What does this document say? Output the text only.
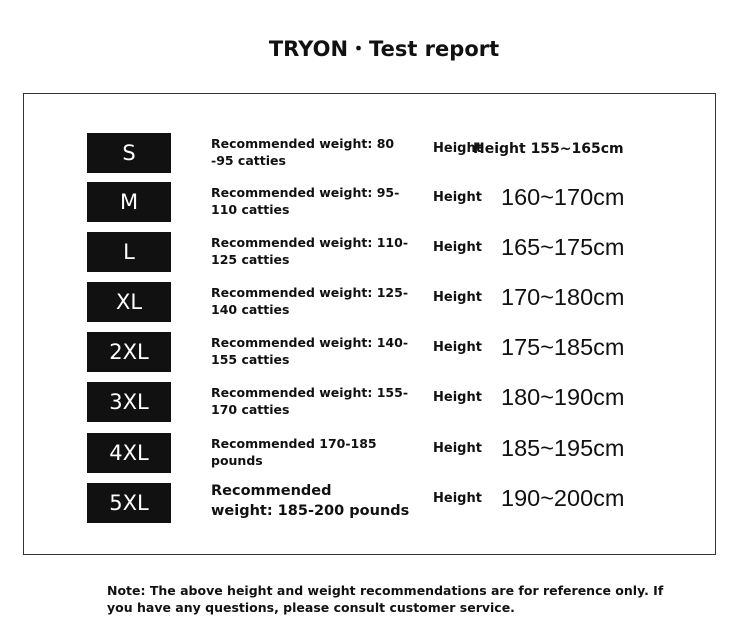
TRYON・Test report
S	Recommended weight: 80
-95 catties
Height
Height 155~165cm
M	Recommended weight: 95-
110 catties
Height 160~170cm
L	Recommended weight: 110-
125 catties
Height 165~175cm
XL	Recommended weight: 125-
140 catties
Height 170~180cm
2XL	Recommended weight: 140-
155 catties
Height 175~185cm
3XL	Recommended weight: 155-
170 catties
Height 180~190cm
4XL	Recommended 170-185
pounds
Height 185~195cm
5XL	Recommended
weight: 185-200 pounds
Height 190~200cm
Note: The above height and weight recommendations are for reference only. If
you have any questions, please consult customer service.
